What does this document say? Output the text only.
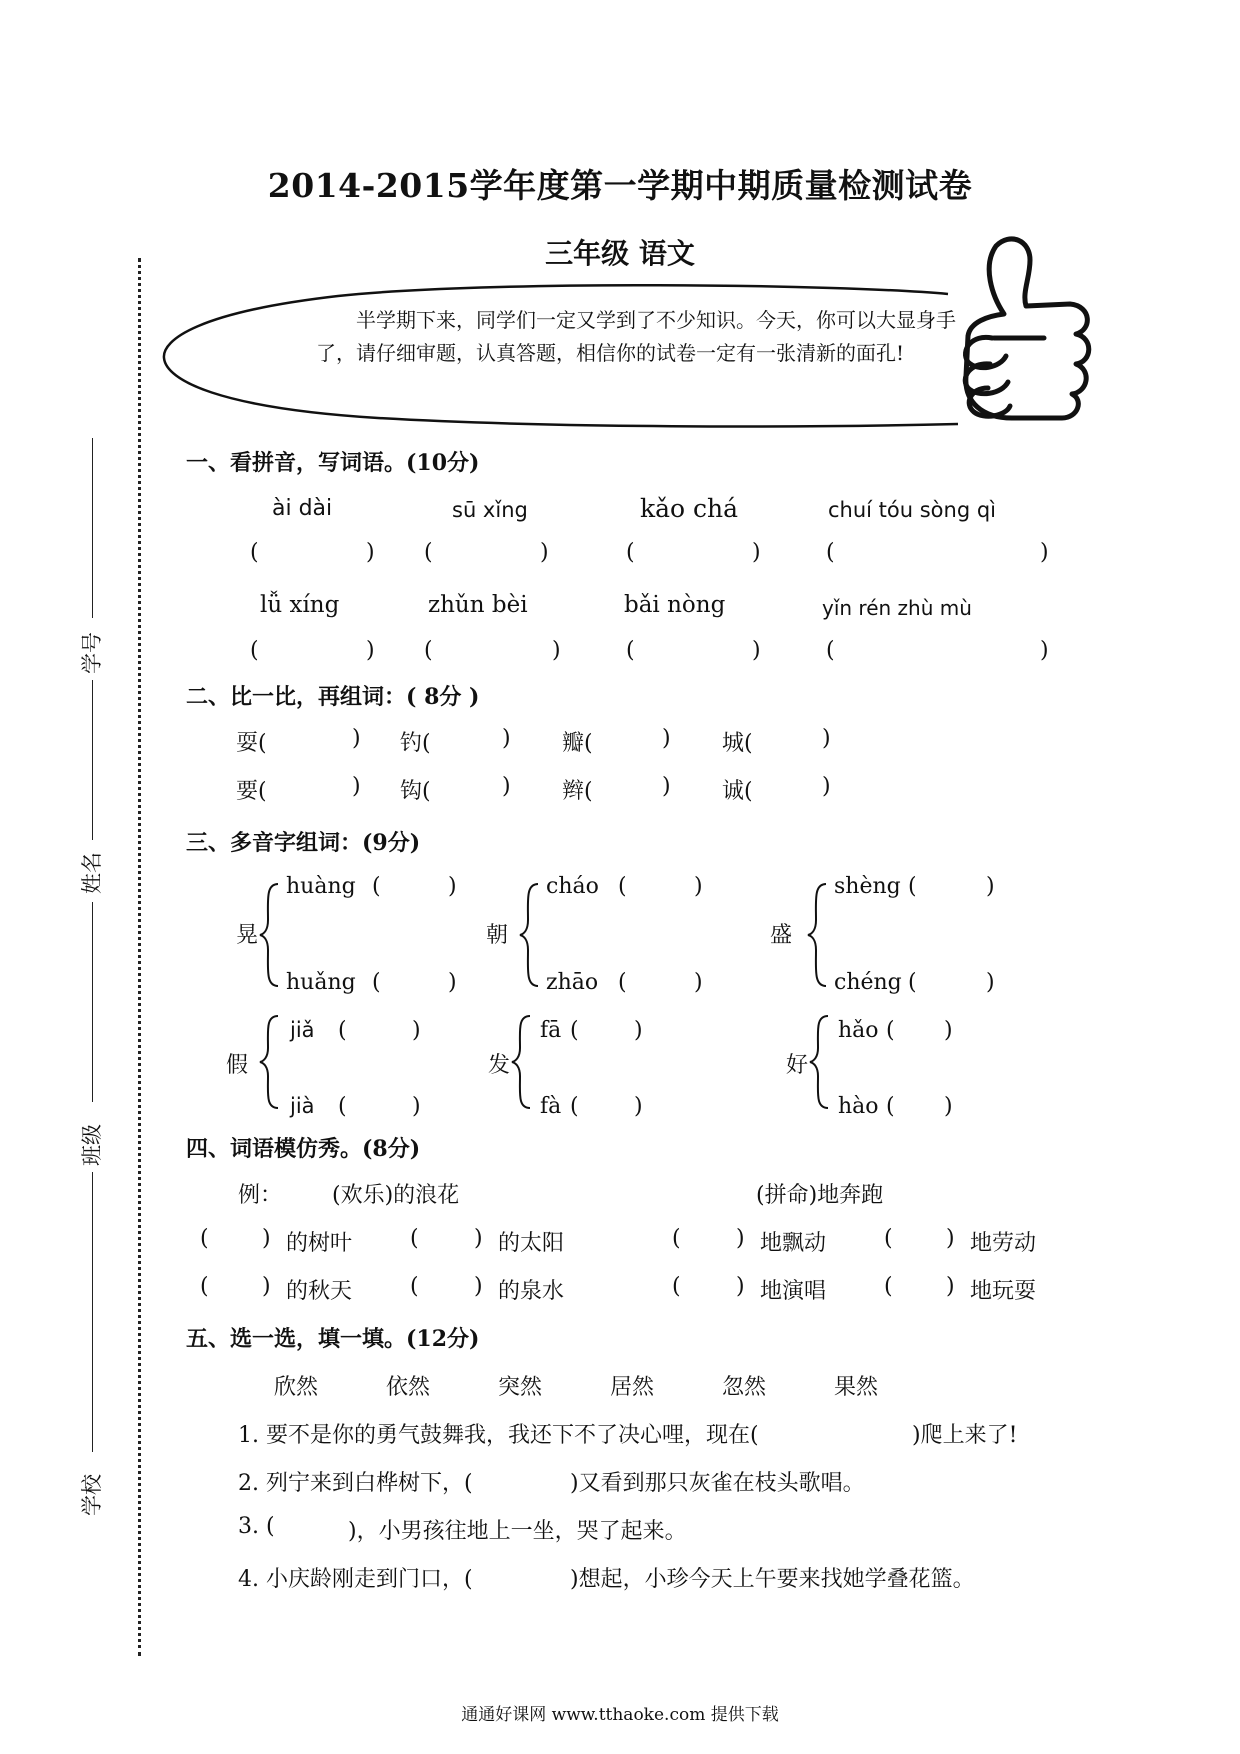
2014-2015学年度第一学期中期质量检测试卷
三年级 语文
学号
姓名
班级
学校
半学期下来，同学们一定又学到了不少知识。今天，你可以大显身手了，请仔细审题，认真答题，相信你的试卷一定有一张清新的面孔!
一、看拼音，写词语。(10分)
ài dài	sū xǐng	kǎo chá	chuí tóu sòng qì
(	) (	)	(	)	(	)
lǚ xíng	zhǔn bèi	bǎi nòng	yǐn rén zhù mù
(	) (	)	(	)	(	)
二、比一比，再组词：( 8分 )
耍(	) 钓(	) 瓣(	) 城(	)
要(	) 钩(	) 辫(	) 诚(	)
三、多音字组词：(9分)
晃
huàng (	)
huǎng (	)
朝
cháo (	)
zhāo (	)
盛
shèng (	)
chéng (	)
假
jiǎ (	)
jià (	)
发
fā (	)
fà (	)
好
hǎo ( )
hào ( )
四、词语模仿秀。(8分)
例： (欢乐)的浪花	(拼命)地奔跑
( ) 的树叶	(	) 的太阳	(	) 地飘动	( ) 地劳动
( ) 的秋天	(	) 的泉水	(	) 地演唱	( ) 地玩耍
五、选一选，填一填。(12分)
欣然	依然	突然	居然	忽然	果然
1. 要不是你的勇气鼓舞我，我还下不了决心哩，现在(	)爬上来了!
2. 列宁来到白桦树下，(	)又看到那只灰雀在枝头歌唱。
3. (	)，小男孩往地上一坐，哭了起来。
4. 小庆龄刚走到门口，(	)想起，小珍今天上午要来找她学叠花篮。
通通好课网 www.tthaoke.com 提供下载
